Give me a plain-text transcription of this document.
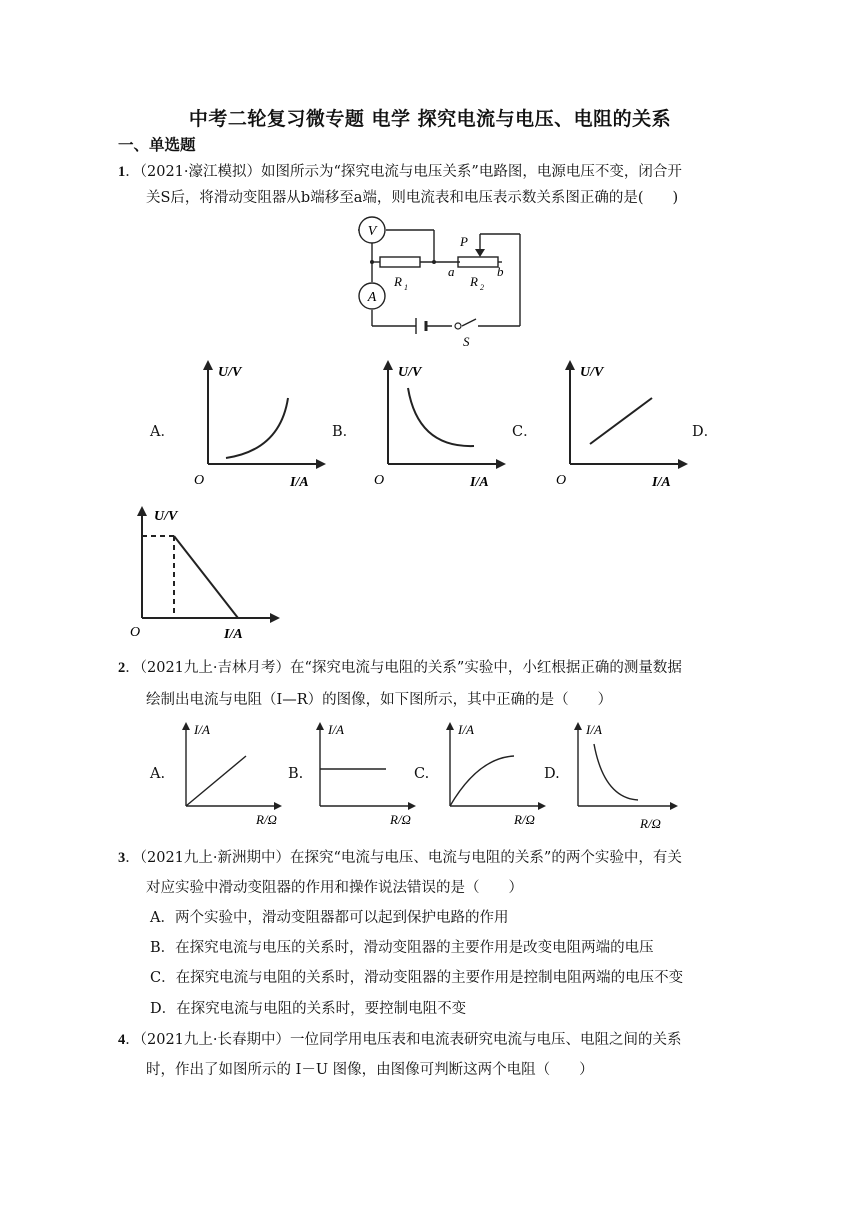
中考二轮复习微专题 电学 探究电流与电压、电阻的关系
一、单选题
1．（2021·濠江模拟）如图所示为“探究电流与电压关系”电路图，电源电压不变，闭合开
关S后，将滑动变阻器从b端移至a端，则电流表和电压表示数关系图正确的是(　　)
V
A
R 1	R 2
P
a	b
S
A．	B．	C．	D．
U/V
I/A
O
U/V
I/A
O
U/V
I/A
O
U/V
I/A
O
2．（2021九上·吉林月考）在“探究电流与电阻的关系”实验中，小红根据正确的测量数据
绘制出电流与电阻（I—R）的图像，如下图所示，其中正确的是（　　）
A.	B.	C.	D.
I/A
R/Ω
I/A
R/Ω
I/A
R/Ω
I/A
R/Ω
3．（2021九上·新洲期中）在探究“电流与电压、电流与电阻的关系”的两个实验中，有关
对应实验中滑动变阻器的作用和操作说法错误的是（　　）
A．两个实验中，滑动变阻器都可以起到保护电路的作用
B．在探究电流与电压的关系时，滑动变阻器的主要作用是改变电阻两端的电压
C．在探究电流与电阻的关系时，滑动变阻器的主要作用是控制电阻两端的电压不变
D．在探究电流与电阻的关系时，要控制电阻不变
4．（2021九上·长春期中）一位同学用电压表和电流表研究电流与电压、电阻之间的关系
时，作出了如图所示的 I－U 图像，由图像可判断这两个电阻（　　）
